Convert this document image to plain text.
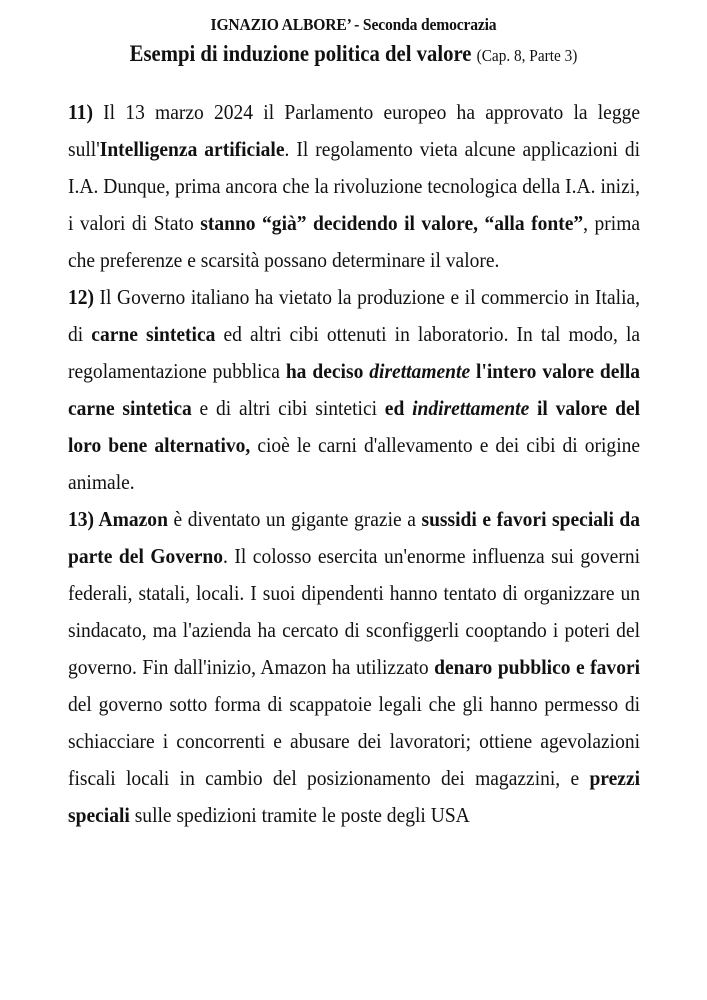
IGNAZIO ALBORE’ - Seconda democrazia
Esempi di induzione politica del valore (Cap. 8, Parte 3)

11) Il 13 marzo 2024 il Parlamento europeo ha approvato la legge sull'Intelligenza artificiale. Il regolamento vieta alcune applicazioni di I.A. Dunque, prima ancora che la rivoluzione tecnologica della I.A. inizi, i valori di Stato stanno “già” decidendo il valore, “alla fonte”, prima che preferenze e scarsità possano determinare il valore.

12) Il Governo italiano ha vietato la produzione e il commercio in Italia, di carne sintetica ed altri cibi ottenuti in laboratorio. In tal modo, la regolamentazione pubblica ha deciso direttamente l'intero valore della carne sintetica e di altri cibi sintetici ed indirettamente il valore del loro bene alternativo, cioè le carni d'allevamento e dei cibi di origine animale.

13) Amazon è diventato un gigante grazie a sussidi e favori speciali da parte del Governo. Il colosso esercita un'enorme influenza sui governi federali, statali, locali. I suoi dipendenti hanno tentato di organizzare un sindacato, ma l'azienda ha cercato di sconfiggerli cooptando i poteri del governo. Fin dall'inizio, Amazon ha utilizzato denaro pubblico e favori del governo sotto forma di scappatoie legali che gli hanno permesso di schiacciare i concorrenti e abusare dei lavoratori; ottiene agevolazioni fiscali locali in cambio del posizionamento dei magazzini, e prezzi speciali sulle spedizioni tramite le poste degli USA
